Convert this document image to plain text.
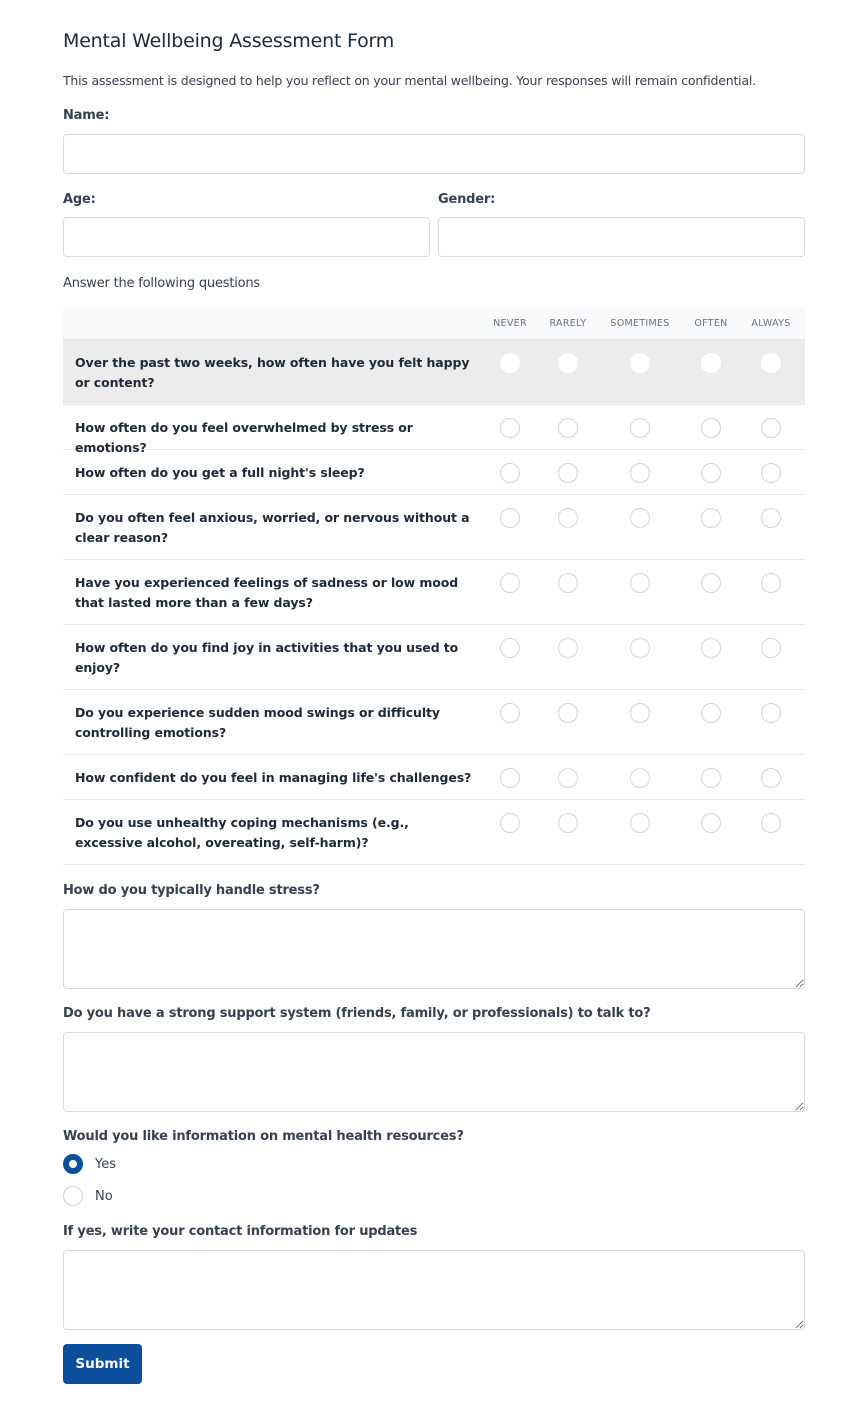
Mental Wellbeing Assessment Form

This assessment is designed to help you reflect on your mental wellbeing. Your responses will remain confidential.

Name:
Age:	Gender:
Answer the following questions
NEVER	RARELY	SOMETIMES	OFTEN	ALWAYS
Over the past two weeks, how often have you felt happy or content?
How often do you feel overwhelmed by stress or emotions?
How often do you get a full night's sleep?
Do you often feel anxious, worried, or nervous without a clear reason?
Have you experienced feelings of sadness or low mood that lasted more than a few days?
How often do you find joy in activities that you used to enjoy?
Do you experience sudden mood swings or difficulty controlling emotions?
How confident do you feel in managing life's challenges?
Do you use unhealthy coping mechanisms (e.g., excessive alcohol, overeating, self-harm)?
How do you typically handle stress?
Do you have a strong support system (friends, family, or professionals) to talk to?
Would you like information on mental health resources?
Yes
No
If yes, write your contact information for updates
Submit
